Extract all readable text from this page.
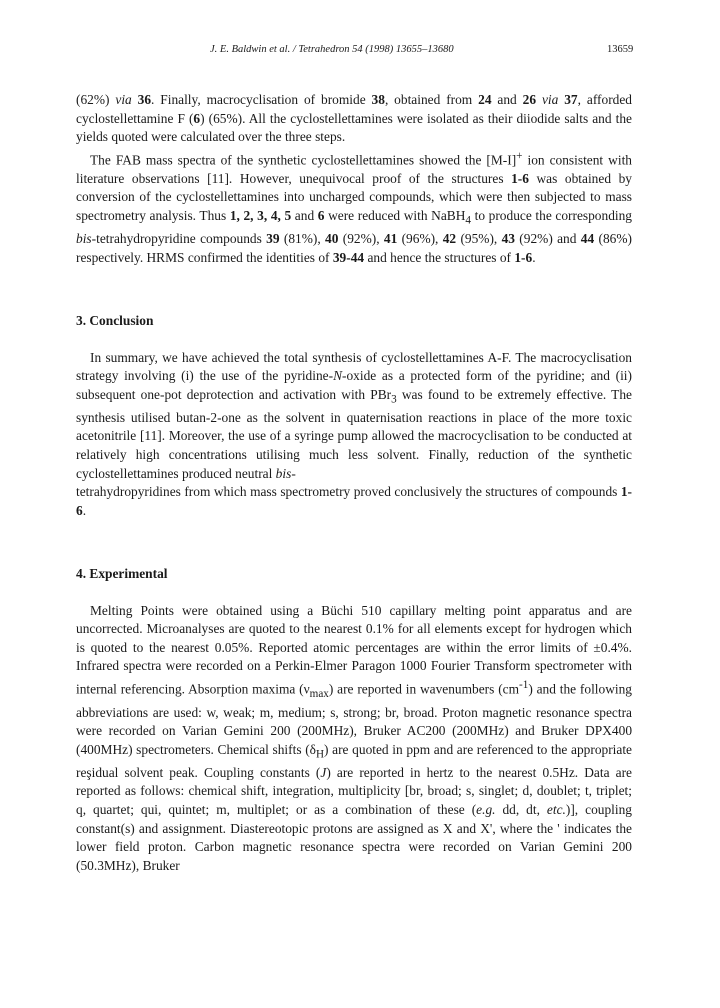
J. E. Baldwin et al. / Tetrahedron 54 (1998) 13655–13680	13659

(62%) via 36. Finally, macrocyclisation of bromide 38, obtained from 24 and 26 via 37, afforded cyclostellettamine F (6) (65%). All the cyclostellettamines were isolated as their diiodide salts and the yields quoted were calculated over the three steps.

The FAB mass spectra of the synthetic cyclostellettamines showed the [M-I]+ ion consistent with literature observations [11]. However, unequivocal proof of the structures 1-6 was obtained by conversion of the cyclostellettamines into uncharged compounds, which were then subjected to mass spectrometry analysis. Thus 1, 2, 3, 4, 5 and 6 were reduced with NaBH$_4$ to produce the corresponding bis-tetrahydropyridine compounds 39 (81%), 40 (92%), 41 (96%), 42 (95%), 43 (92%) and 44 (86%) respectively. HRMS confirmed the identities of 39-44 and hence the structures of 1-6.

3. Conclusion

In summary, we have achieved the total synthesis of cyclostellettamines A-F. The macrocyclisation strategy involving (i) the use of the pyridine-N-oxide as a protected form of the pyridine; and (ii) subsequent one-pot deprotection and activation with PBr$_3$ was found to be extremely effective. The synthesis utilised butan-2-one as the solvent in quaternisation reactions in place of the more toxic acetonitrile [11]. Moreover, the use of a syringe pump allowed the macrocyclisation to be conducted at relatively high concentrations utilising much less solvent. Finally, reduction of the synthetic cyclostellettamines produced neutral bis-
tetrahydropyridines from which mass spectrometry proved conclusively the structures of compounds 1-6.

4. Experimental

Melting Points were obtained using a Büchi 510 capillary melting point apparatus and are uncorrected. Microanalyses are quoted to the nearest 0.1% for all elements except for hydrogen which is quoted to the nearest 0.05%. Reported atomic percentages are within the error limits of ±0.4%. Infrared spectra were recorded on a Perkin-Elmer Paragon 1000 Fourier Transform spectrometer with internal referencing. Absorption maxima $(\nu_{max})$ are reported in wavenumbers $(cm^{-1})$ and the following abbreviations are used: w, weak; m, medium; s, strong; br, broad. Proton magnetic resonance spectra were recorded on Varian Gemini 200 (200MHz), Bruker AC200 (200MHz) and Bruker DPX400 (400MHz) spectrometers. Chemical shifts $(\delta_H)$ are quoted in ppm and are referenced to the appropriate reşidual solvent peak. Coupling constants (J) are reported in hertz to the nearest 0.5Hz. Data are reported as follows: chemical shift, integration, multiplicity [br, broad; s, singlet; d, doublet; t, triplet; q, quartet; qui, quintet; m, multiplet; or as a combination of these (e.g. dd, dt, etc.)], coupling constant(s) and assignment. Diastereotopic protons are assigned as X and X', where the ' indicates the lower field proton. Carbon magnetic resonance spectra were recorded on Varian Gemini 200 (50.3MHz), Bruker
